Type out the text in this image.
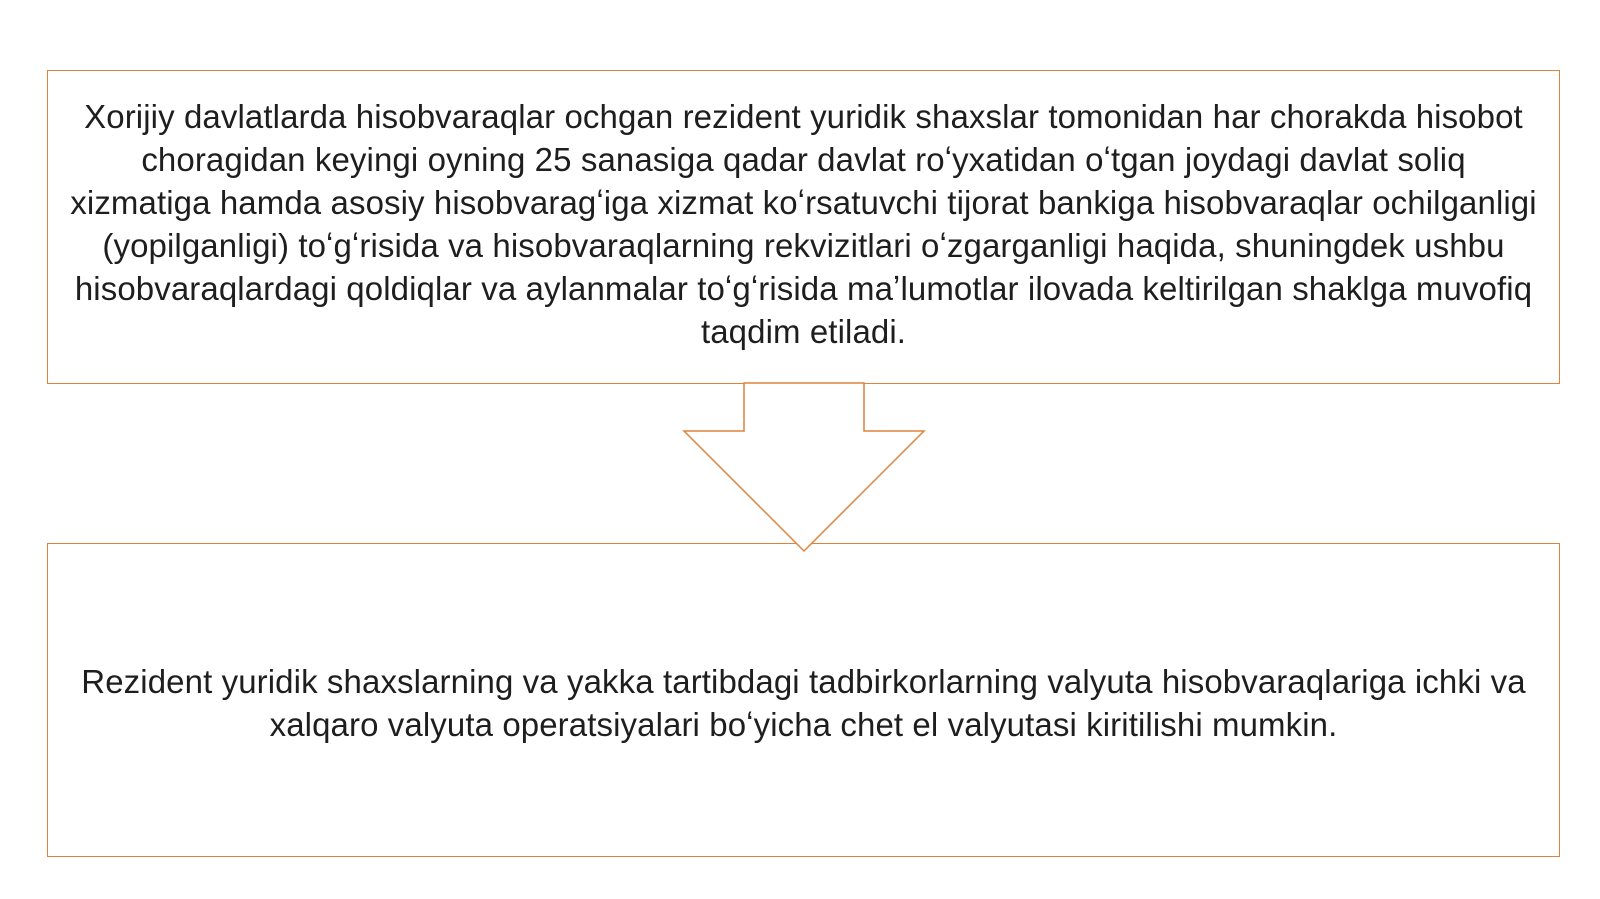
Xorijiy davlatlarda hisobvaraqlar ochgan rezident yuridik shaxslar tomonidan har chorakda hisobot choragidan keyingi oyning 25 sanasiga qadar davlat roʻyxatidan oʻtgan joydagi davlat soliq xizmatiga hamda asosiy hisobvaragʻiga xizmat koʻrsatuvchi tijorat bankiga hisobvaraqlar ochilganligi (yopilganligi) toʻgʻrisida va hisobvaraqlarning rekvizitlari oʻzgarganligi haqida, shuningdek ushbu hisobvaraqlardagi qoldiqlar va aylanmalar toʻgʻrisida maʼlumotlar ilovada keltirilgan shaklga muvofiq taqdim etiladi.

Rezident yuridik shaxslarning va yakka tartibdagi tadbirkorlarning valyuta hisobvaraqlariga ichki va xalqaro valyuta operatsiyalari boʻyicha chet el valyutasi kiritilishi mumkin.
